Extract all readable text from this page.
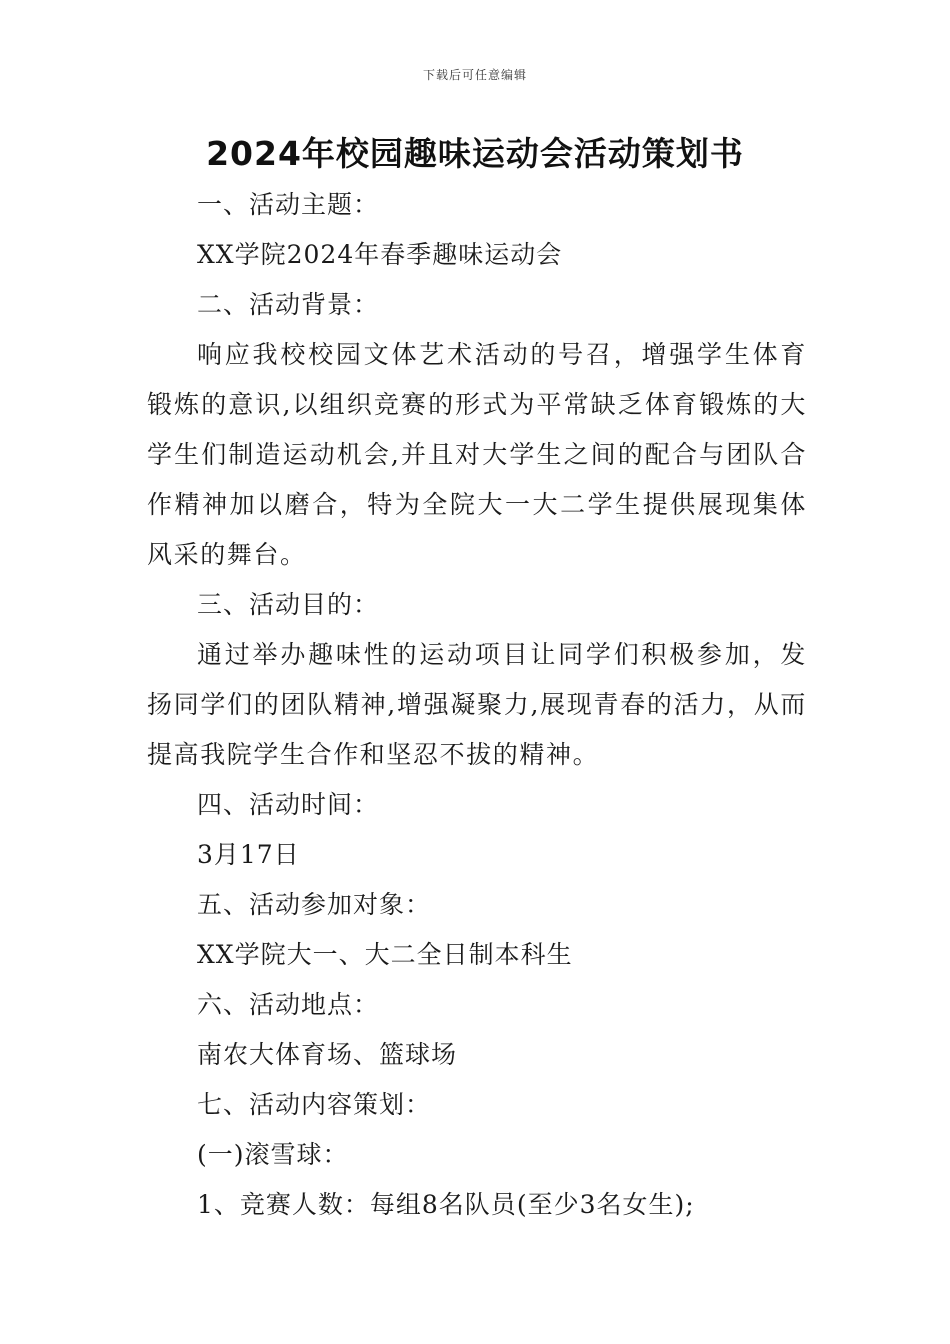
下载后可任意编辑
2024年校园趣味运动会活动策划书
一、活动主题：
XX学院2024年春季趣味运动会
二、活动背景：
响应我校校园文体艺术活动的号召，增强学生体育锻炼的意识,以组织竞赛的形式为平常缺乏体育锻炼的大学生们制造运动机会,并且对大学生之间的配合与团队合作精神加以磨合，特为全院大一大二学生提供展现集体风采的舞台。
三、活动目的：
通过举办趣味性的运动项目让同学们积极参加，发扬同学们的团队精神,增强凝聚力,展现青春的活力，从而提高我院学生合作和坚忍不拔的精神。
四、活动时间：
3月17日
五、活动参加对象：
XX学院大一、大二全日制本科生
六、活动地点：
南农大体育场、篮球场
七、活动内容策划：
(一)滚雪球：
1、竞赛人数：每组8名队员(至少3名女生);
